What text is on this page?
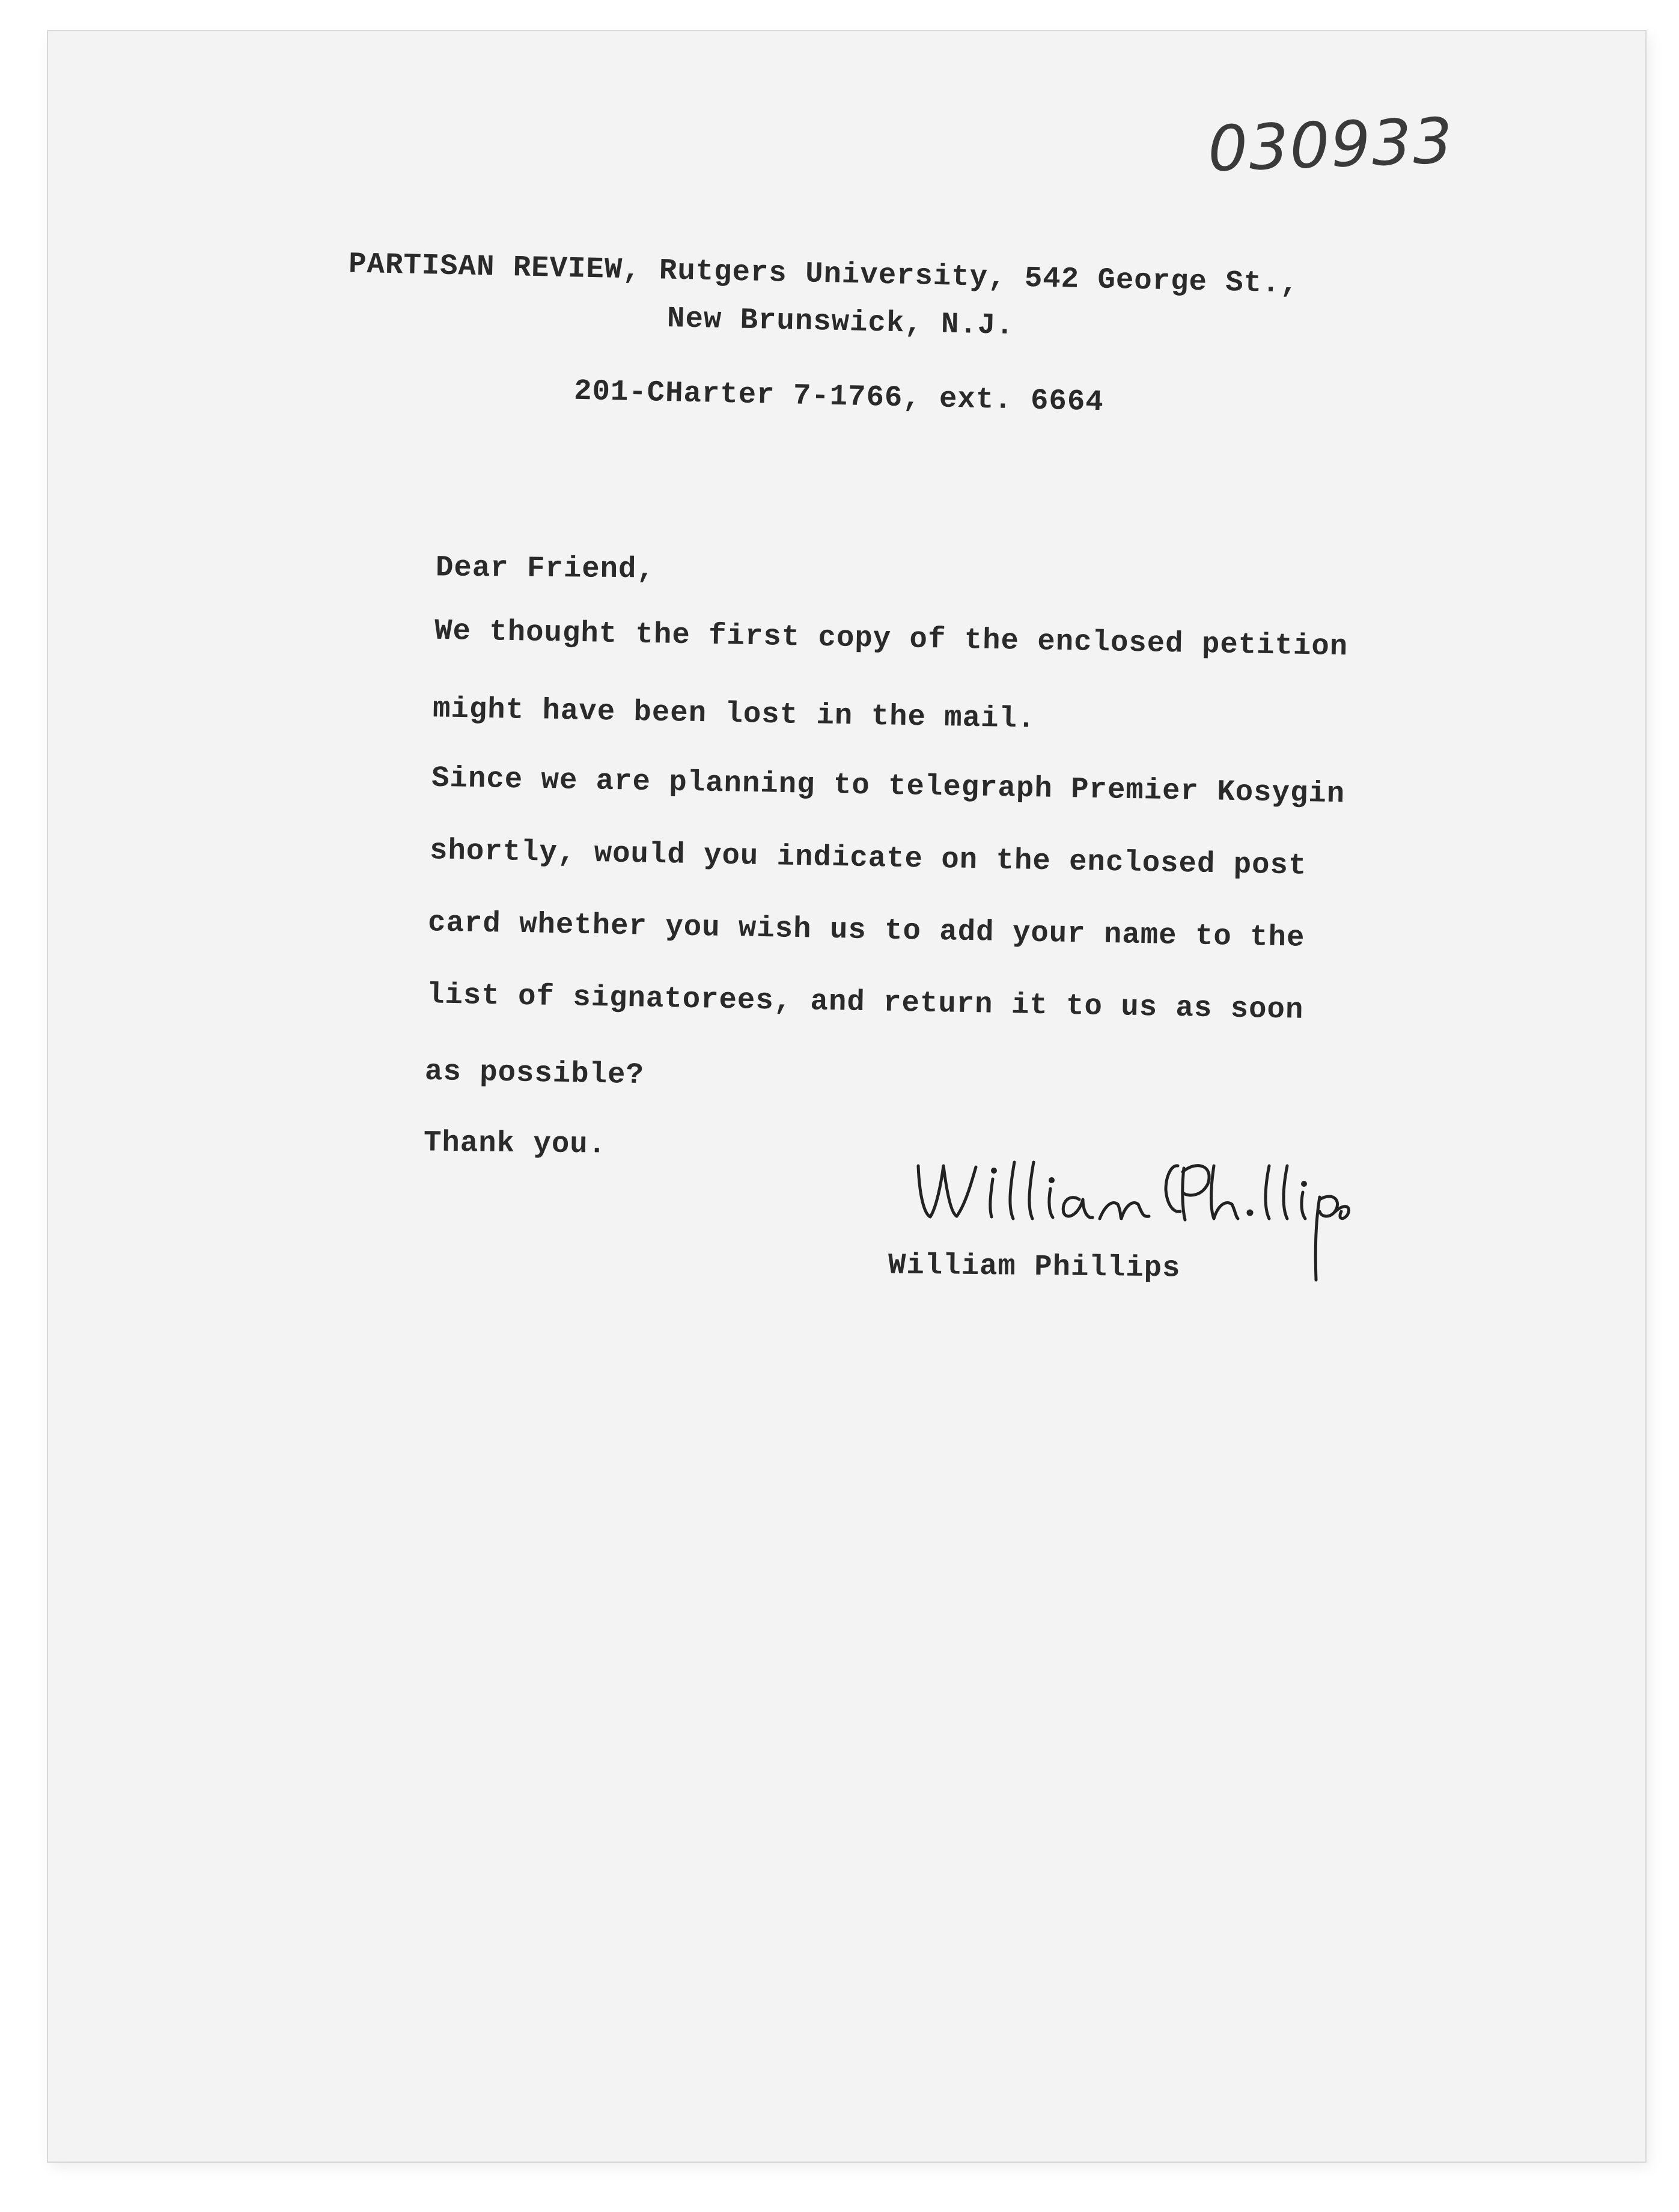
030933
PARTISAN REVIEW, Rutgers University, 542 George St.,
New Brunswick, N.J.
201-CHarter 7-1766, ext. 6664
Dear Friend,
We thought the first copy of the enclosed petition
might have been lost in the mail.
Since we are planning to telegraph Premier Kosygin
shortly, would you indicate on the enclosed post
card whether you wish us to add your name to the
list of signatorees, and return it to us as soon
as possible?
Thank you.
William Phillips
